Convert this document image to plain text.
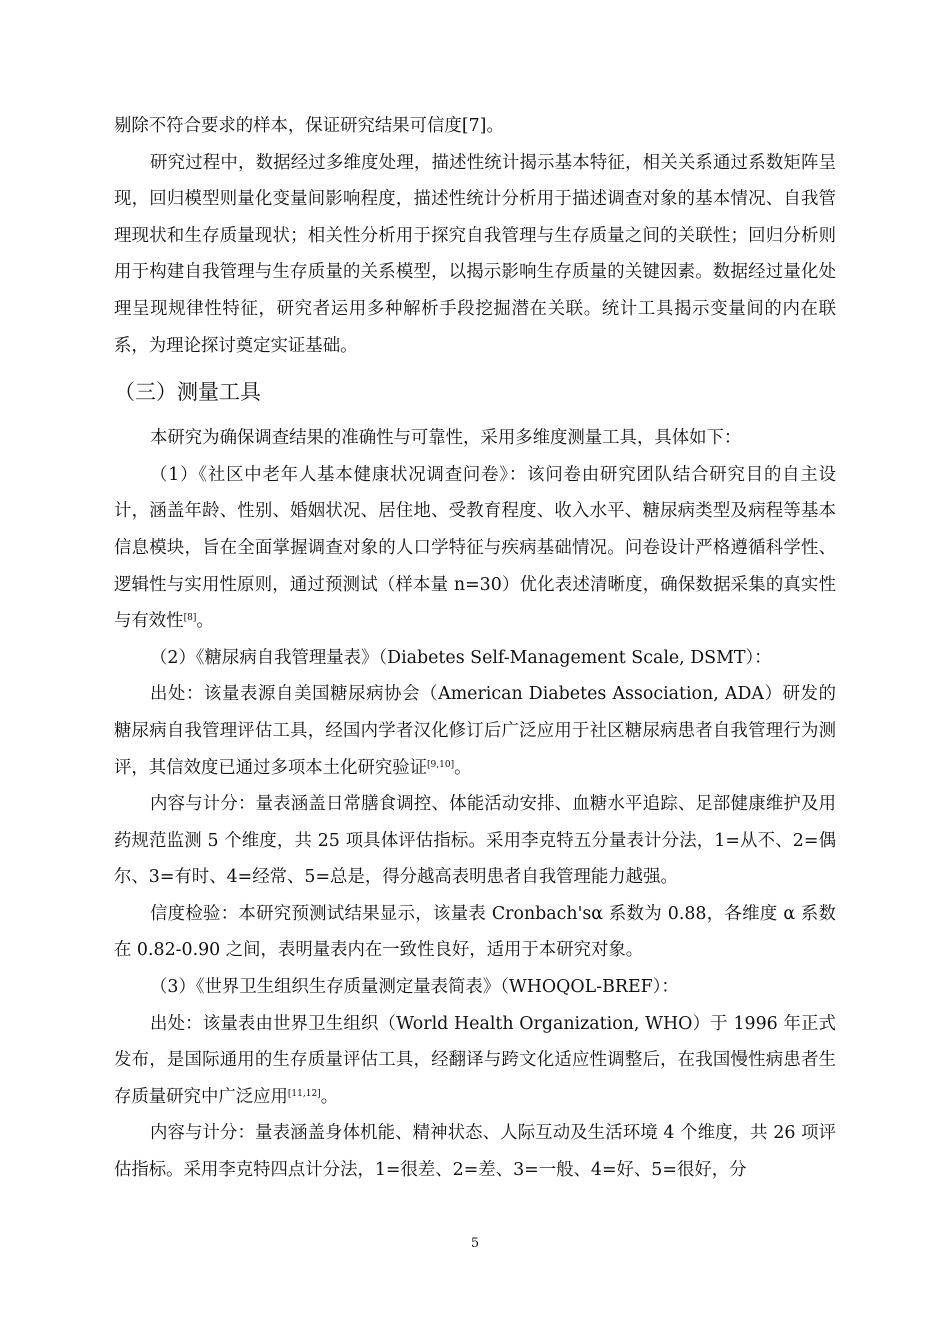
剔除不符合要求的样本，保证研究结果可信度[7]。

研究过程中，数据经过多维度处理，描述性统计揭示基本特征，相关关系通过系数矩阵呈现，回归模型则量化变量间影响程度，描述性统计分析用于描述调查对象的基本情况、自我管理现状和生存质量现状；相关性分析用于探究自我管理与生存质量之间的关联性；回归分析则用于构建自我管理与生存质量的关系模型，以揭示影响生存质量的关键因素。数据经过量化处理呈现规律性特征，研究者运用多种解析手段挖掘潜在关联。统计工具揭示变量间的内在联系，为理论探讨奠定实证基础。

（三）测量工具

本研究为确保调查结果的准确性与可靠性，采用多维度测量工具，具体如下：

（1）《社区中老年人基本健康状况调查问卷》：该问卷由研究团队结合研究目的自主设计，涵盖年龄、性别、婚姻状况、居住地、受教育程度、收入水平、糖尿病类型及病程等基本信息模块，旨在全面掌握调查对象的人口学特征与疾病基础情况。问卷设计严格遵循科学性、逻辑性与实用性原则，通过预测试（样本量 n=30）优化表述清晰度，确保数据采集的真实性与有效性[8]。

（2）《糖尿病自我管理量表》（Diabetes Self-Management Scale, DSMT）：

出处：该量表源自美国糖尿病协会（American Diabetes Association, ADA）研发的糖尿病自我管理评估工具，经国内学者汉化修订后广泛应用于社区糖尿病患者自我管理行为测评，其信效度已通过多项本土化研究验证[9,10]。

内容与计分：量表涵盖日常膳食调控、体能活动安排、血糖水平追踪、足部健康维护及用药规范监测 5 个维度，共 25 项具体评估指标。采用李克特五分量表计分法，1=从不、2=偶尔、3=有时、4=经常、5=总是，得分越高表明患者自我管理能力越强。

信度检验：本研究预测试结果显示，该量表 Cronbach'sα 系数为 0.88，各维度 α 系数在 0.82-0.90 之间，表明量表内在一致性良好，适用于本研究对象。

（3）《世界卫生组织生存质量测定量表简表》（WHOQOL-BREF）：

出处：该量表由世界卫生组织（World Health Organization, WHO）于 1996 年正式发布，是国际通用的生存质量评估工具，经翻译与跨文化适应性调整后，在我国慢性病患者生存质量研究中广泛应用[11,12]。

内容与计分：量表涵盖身体机能、精神状态、人际互动及生活环境 4 个维度，共 26 项评估指标。采用李克特四点计分法，1=很差、2=差、3=一般、4=好、5=很好，分

5
